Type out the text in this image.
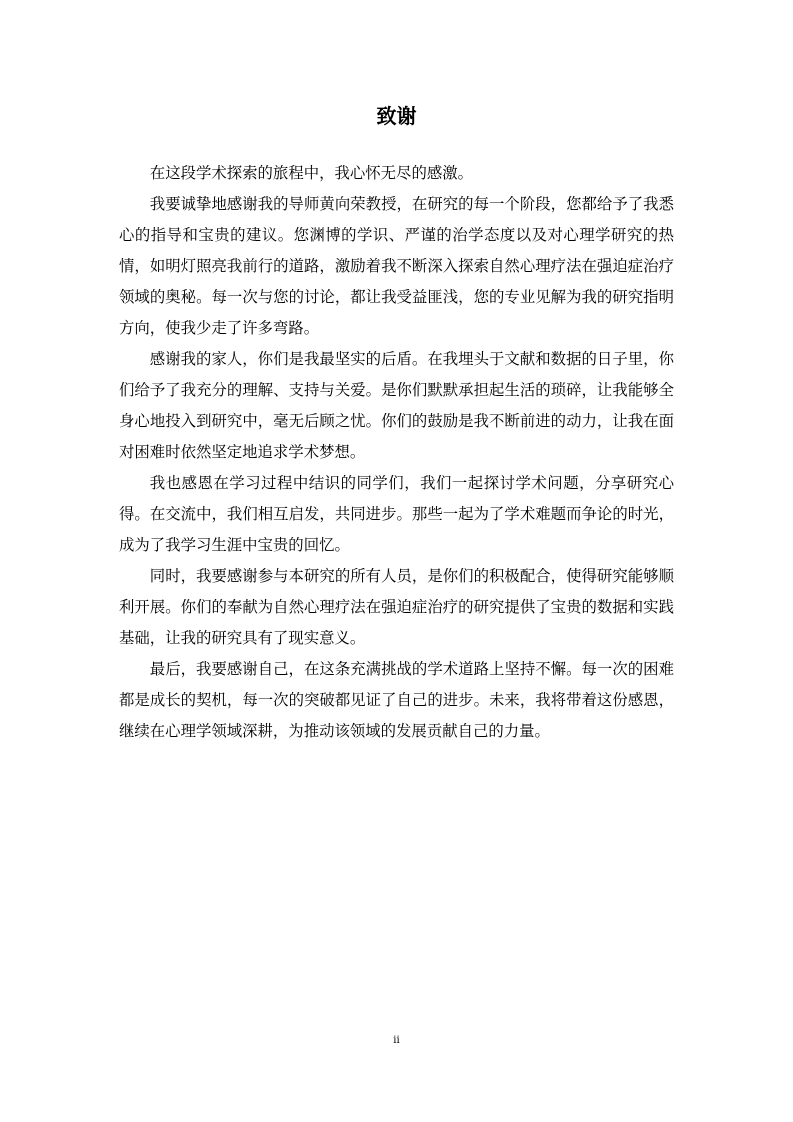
致谢

在这段学术探索的旅程中，我心怀无尽的感激。

我要诚挚地感谢我的导师黄向荣教授，在研究的每一个阶段，您都给予了我悉心的指导和宝贵的建议。您渊博的学识、严谨的治学态度以及对心理学研究的热情，如明灯照亮我前行的道路，激励着我不断深入探索自然心理疗法在强迫症治疗领域的奥秘。每一次与您的讨论，都让我受益匪浅，您的专业见解为我的研究指明方向，使我少走了许多弯路。

感谢我的家人，你们是我最坚实的后盾。在我埋头于文献和数据的日子里，你们给予了我充分的理解、支持与关爱。是你们默默承担起生活的琐碎，让我能够全身心地投入到研究中，毫无后顾之忧。你们的鼓励是我不断前进的动力，让我在面对困难时依然坚定地追求学术梦想。

我也感恩在学习过程中结识的同学们，我们一起探讨学术问题，分享研究心得。在交流中，我们相互启发，共同进步。那些一起为了学术难题而争论的时光，成为了我学习生涯中宝贵的回忆。

同时，我要感谢参与本研究的所有人员，是你们的积极配合，使得研究能够顺利开展。你们的奉献为自然心理疗法在强迫症治疗的研究提供了宝贵的数据和实践基础，让我的研究具有了现实意义。

最后，我要感谢自己，在这条充满挑战的学术道路上坚持不懈。每一次的困难都是成长的契机，每一次的突破都见证了自己的进步。未来，我将带着这份感恩，继续在心理学领域深耕，为推动该领域的发展贡献自己的力量。

ii
